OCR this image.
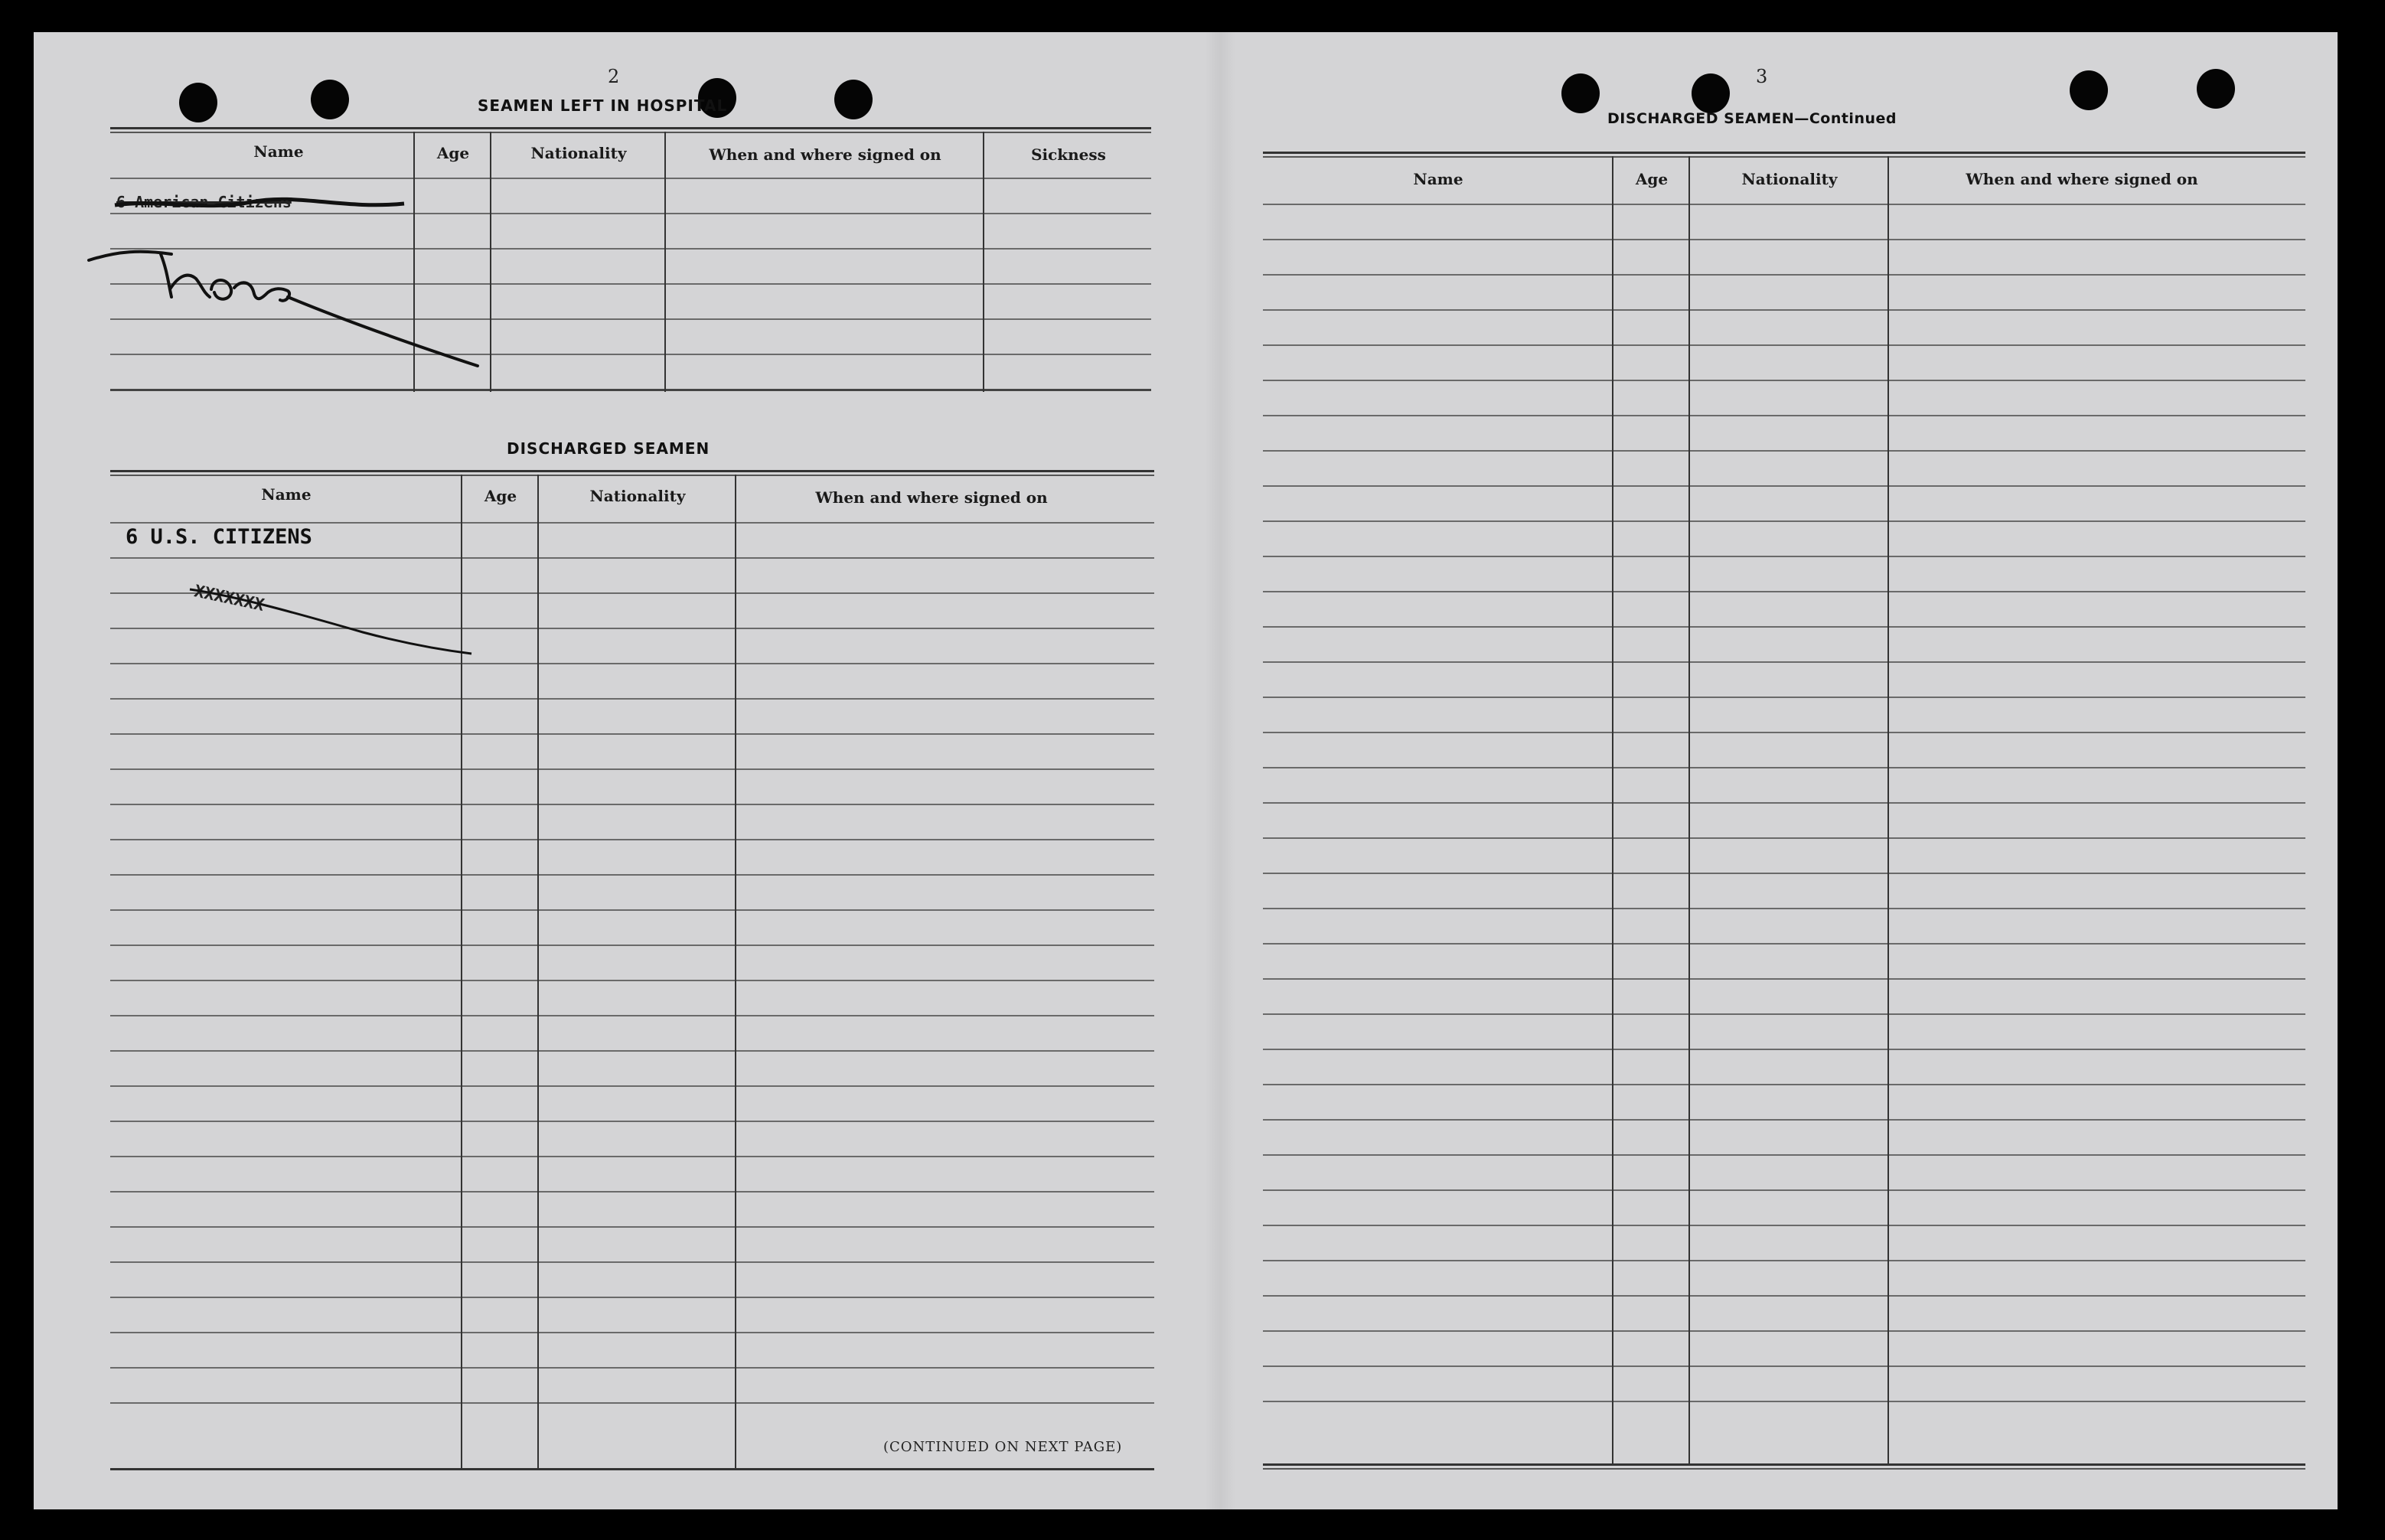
2
SEAMEN LEFT IN HOSPITAL
Name	Age	Nationality	When and where signed on	Sickness
6 American Citizens
DISCHARGED SEAMEN
Name	Age	Nationality	When and where signed on
6 U.S. CITIZENS
XXXXXXX
(CONTINUED ON NEXT PAGE)
3
DISCHARGED SEAMEN—Continued
Name	Age	Nationality	When and where signed on
